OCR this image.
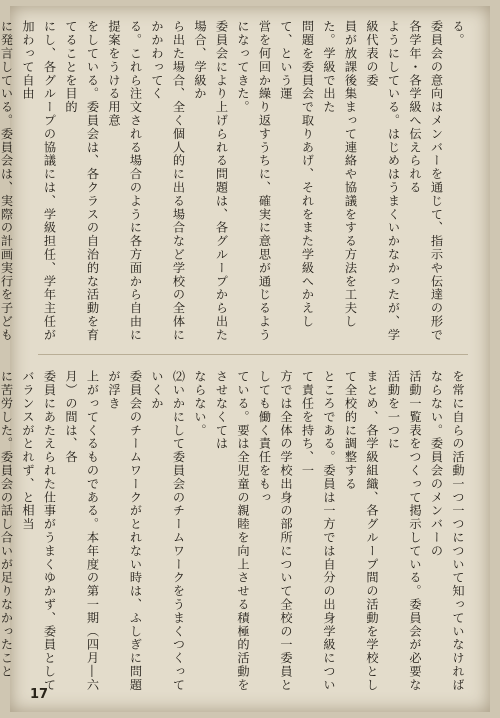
る。

委員会の意向はメンバーを通じて、指示や伝達の形で各学年・各学級へ伝えられる

ようにしている。はじめはうまくいかなかったが、学級代表の委

員が放課後集まって連絡や協議をする方法を工夫した。学級で出た

問題を委員会で取りあげ、それをまた学級へかえして、という運

営を何回か繰り返すうちに、確実に意思が通じるようになってきた。

委員会により上げられる問題は、各グループから出た場合、学級か

ら出た場合、全く個人的に出る場合など学校の全体にかかわってく

る。これら注文される場合のように各方面から自由に提案をうける用意

をしている。委員会は、各クラスの自治的な活動を育てることを目的

にし、各グループの協議には、学級担任、学年主任が加わって自由

に発言している。委員会は、実際の計画実行を子ども

を常に自らの活動一つ一つについて知っていなければならない。委員会のメンバーの

活動一覧表をつくって掲示している。委員会が必要な活動を一つに

まとめ、各学級組織、各グループ間の活動を学校として全校的に調整する

ところである。委員は一方では自分の出身学級について責任を持ち、一

方では全体の学校出身の部所について全校の一委員としても働く責任をもっ

ている。要は全児童の親睦を向上させる積極的活動をさせなくては

ならない。

⑵いかにして委員会のチームワークをうまくつくっていくか

委員会のチームワークがとれない時は、ふしぎに問題が浮き

上がってくるものである。本年度の第一期（四月―六月）の間は、各

委員にあたえられた仕事がうまくゆかず、委員としてバランスがとれず、と相当

に苦労した。委員会の話し合いが足りなかったこと

17
